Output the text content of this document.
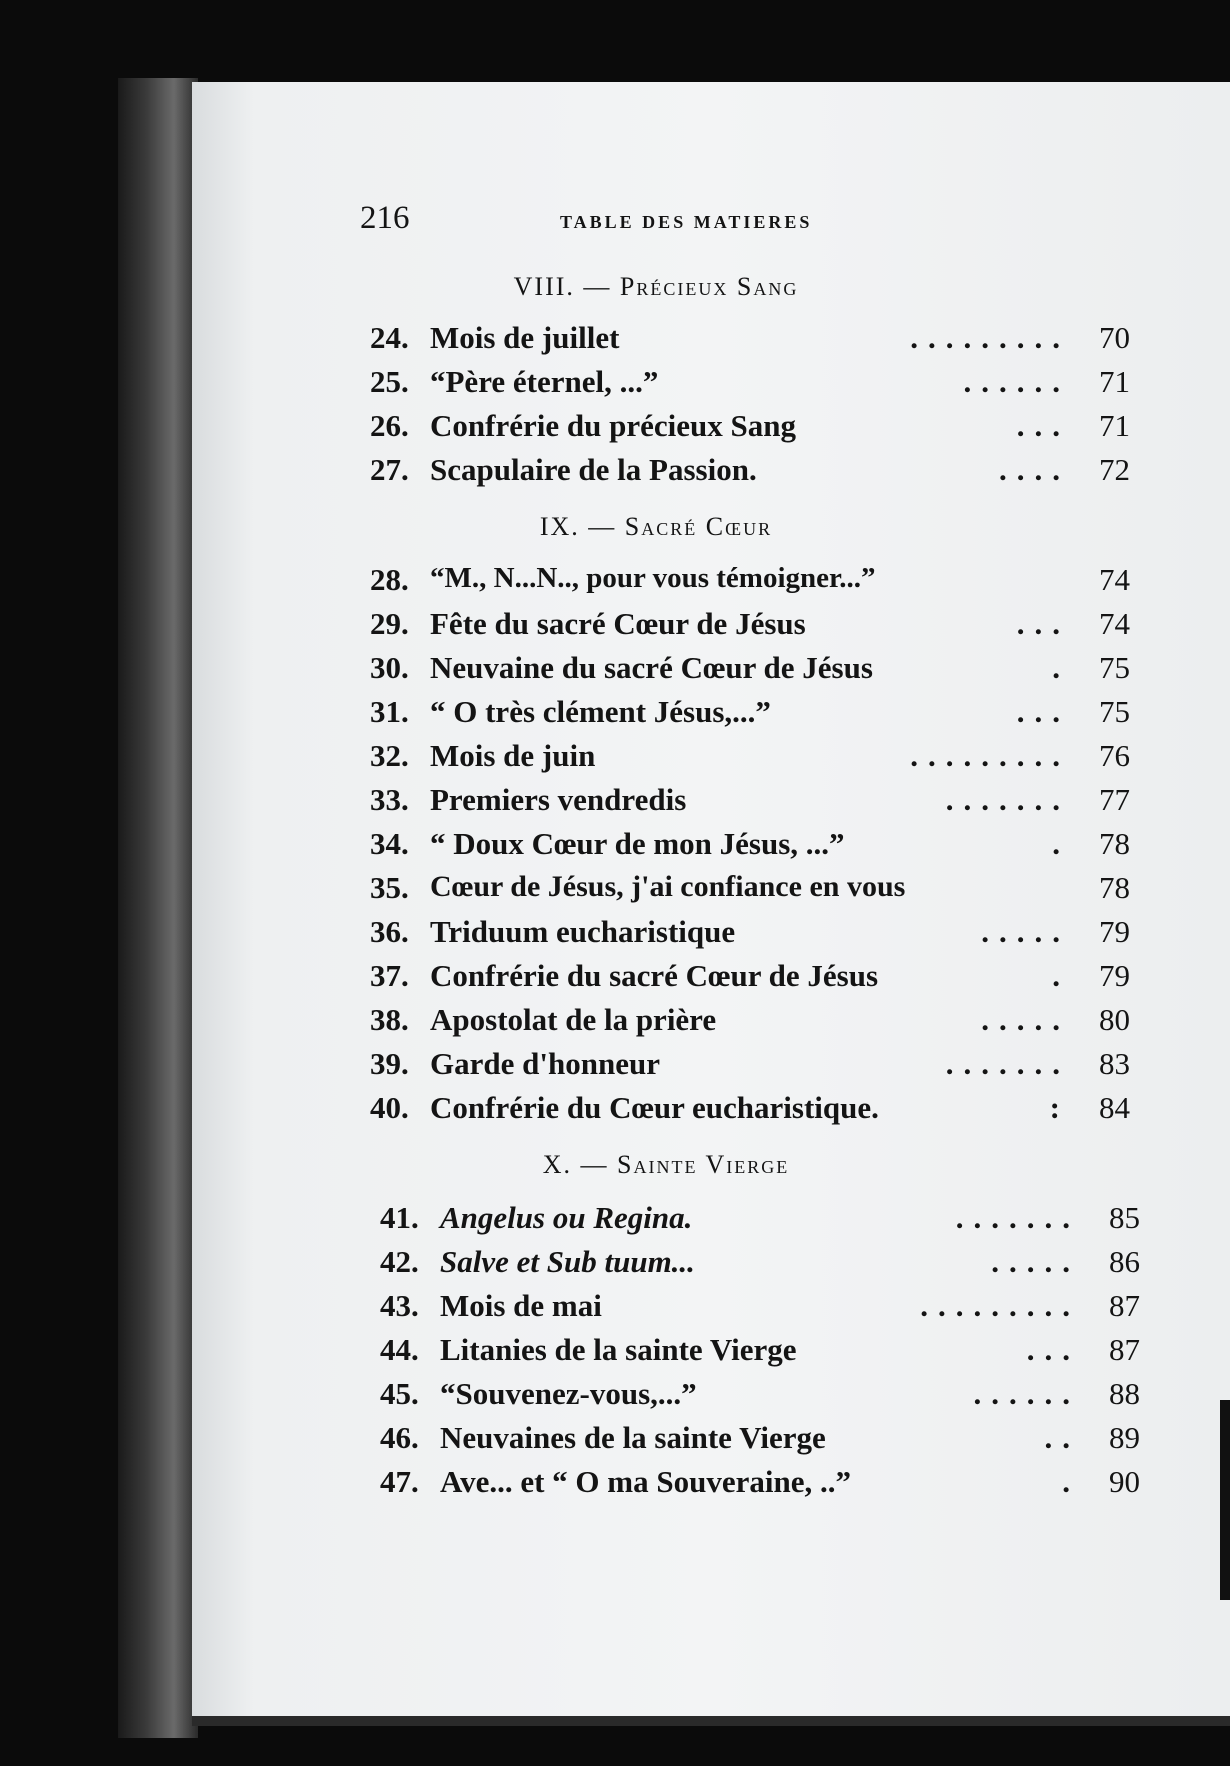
216	TABLE DES MATIERES
VIII. — Précieux Sang
24. Mois de juillet	......... 70
25. “Père éternel, ...”	...... 71
26. Confrérie du précieux Sang	... 71
27. Scapulaire de la Passion.	.... 72
IX. — Sacré Cœur
28. “M., N...N.., pour vous témoigner...”	74
29. Fête du sacré Cœur de Jésus	... 74
30. Neuvaine du sacré Cœur de Jésus	. 75
31. “ O très clément Jésus,...”	... 75
32. Mois de juin	......... 76
33. Premiers vendredis	....... 77
34. “ Doux Cœur de mon Jésus, ...”	. 78
35. Cœur de Jésus, j'ai confiance en vous	78
36. Triduum eucharistique	..... 79
37. Confrérie du sacré Cœur de Jésus	. 79
38. Apostolat de la prière	..... 80
39. Garde d'honneur	....... 83
40. Confrérie du Cœur eucharistique.	: 84
X. — Sainte Vierge
41. Angelus ou Regina.	....... 85
42. Salve et Sub tuum...	..... 86
43. Mois de mai	......... 87
44. Litanies de la sainte Vierge	... 87
45. “Souvenez-vous,...”	...... 88
46. Neuvaines de la sainte Vierge	.. 89
47. Ave... et “ O ma Souveraine, ..”	. 90
